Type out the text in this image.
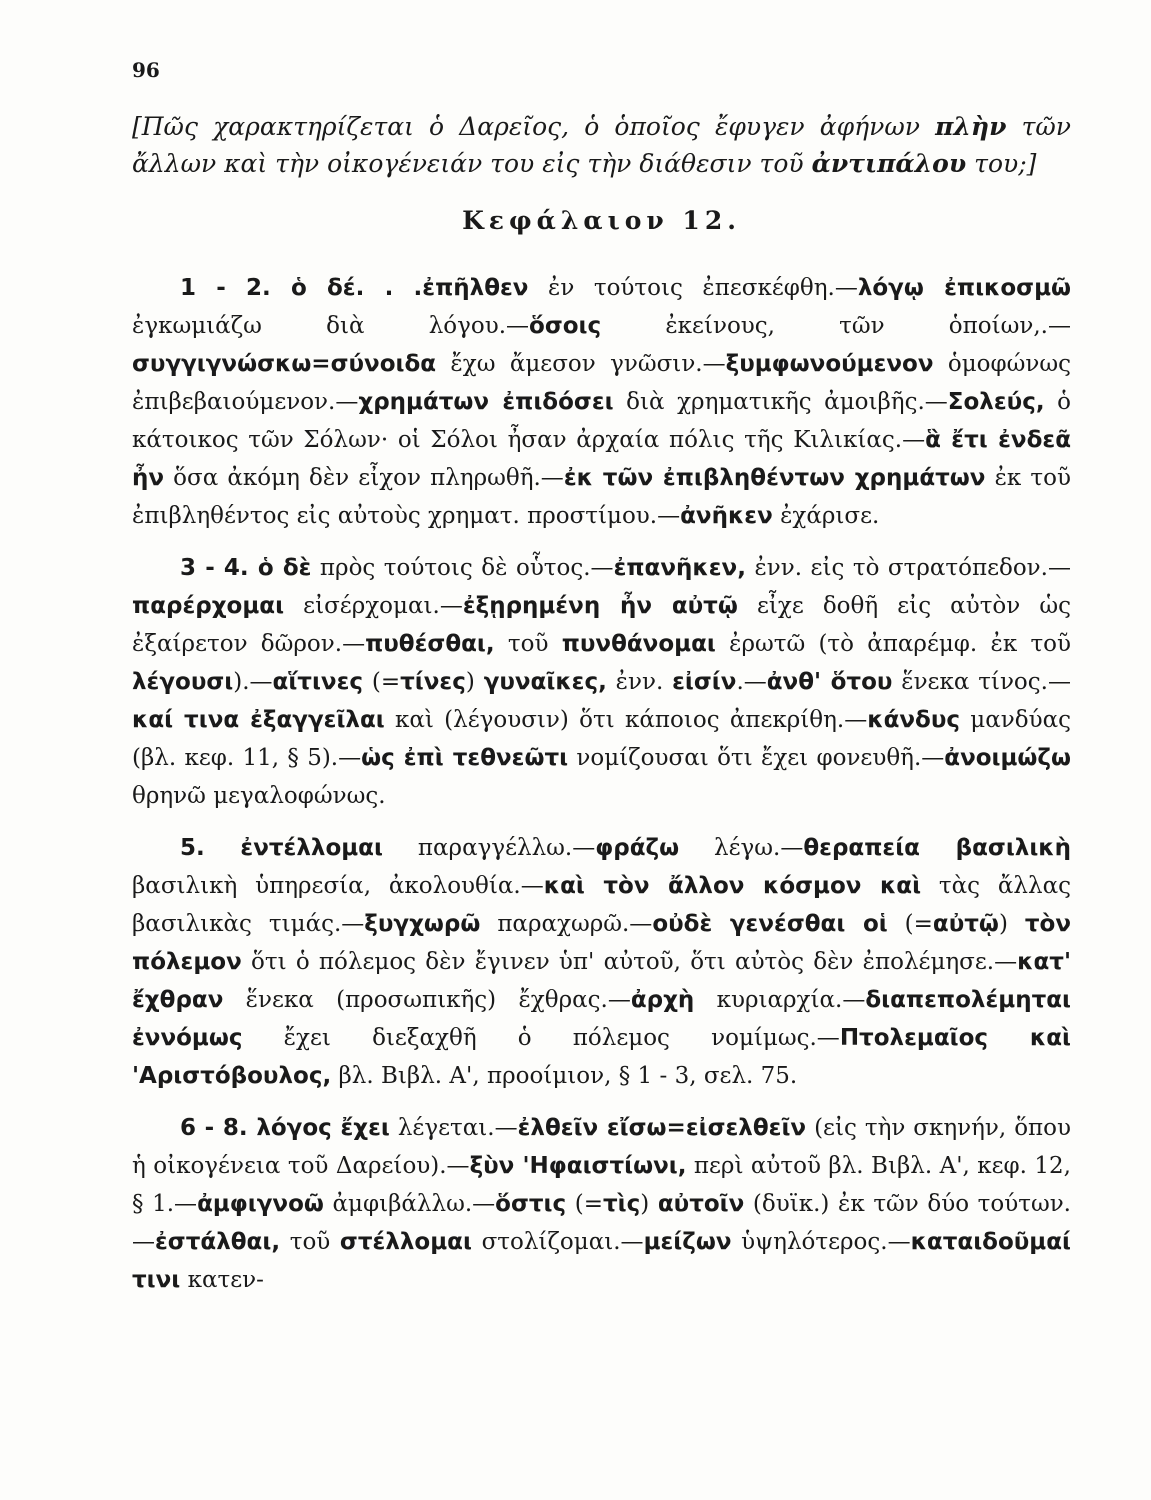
96

[Πῶς χαρακτηρίζεται ὁ Δαρεῖος, ὁ ὁποῖος ἔφυγεν ἀφήνων πλὴν τῶν ἄλλων καὶ τὴν οἰκογένειάν του εἰς τὴν διάθεσιν τοῦ ἀντιπάλου του;]

Κεφάλαιον 12.

1 - 2. ὁ δέ. . .ἐπῆλθεν ἐν τούτοις ἐπεσκέφθη.—λόγῳ ἐπικοσμῶ ἐγκωμιάζω διὰ λόγου.—ὅσοις ἐκείνους, τῶν ὁποίων,.—συγγιγνώσκω=σύνοιδα ἔχω ἄμεσον γνῶσιν.—ξυμφωνούμενον ὁμοφώνως ἐπιβεβαιούμενον.—χρημάτων ἐπιδόσει διὰ χρηματικῆς ἀμοιβῆς.—Σολεύς, ὁ κάτοικος τῶν Σόλων· οἱ Σόλοι ἦσαν ἀρχαία πόλις τῆς Κιλικίας.—ἃ ἔτι ἐνδεᾶ ἦν ὅσα ἀκόμη δὲν εἶχον πληρωθῆ.—ἐκ τῶν ἐπιβληθέντων χρημάτων ἐκ τοῦ ἐπιβληθέντος εἰς αὐτοὺς χρηματ. προστίμου.—ἀνῆκεν ἐχάρισε.

3 - 4. ὁ δὲ πρὸς τούτοις δὲ οὗτος.—ἐπανῆκεν, ἐνν. εἰς τὸ στρατόπεδον.—παρέρχομαι εἰσέρχομαι.—ἐξῃρημένη ἦν αὐτῷ εἶχε δοθῆ εἰς αὐτὸν ὡς ἐξαίρετον δῶρον.—πυθέσθαι, τοῦ πυνθάνομαι ἐρωτῶ (τὸ ἀπαρέμφ. ἐκ τοῦ λέγουσι).—αἵτινες (=τίνες) γυναῖκες, ἐνν. εἰσίν.—ἀνθ' ὅτου ἕνεκα τίνος.—καί τινα ἐξαγγεῖλαι καὶ (λέγουσιν) ὅτι κάποιος ἀπεκρίθη.—κάνδυς μανδύας (βλ. κεφ. 11, § 5).—ὡς ἐπὶ τεθνεῶτι νομίζουσαι ὅτι ἔχει φονευθῆ.—ἀνοιμώζω θρηνῶ μεγαλοφώνως.

5. ἐντέλλομαι παραγγέλλω.—φράζω λέγω.—θεραπεία βασιλικὴ βασιλικὴ ὑπηρεσία, ἀκολουθία.—καὶ τὸν ἄλλον κόσμον καὶ τὰς ἄλλας βασιλικὰς τιμάς.—ξυγχωρῶ παραχωρῶ.—οὐδὲ γενέσθαι οἱ (=αὐτῷ) τὸν πόλεμον ὅτι ὁ πόλεμος δὲν ἔγινεν ὑπ' αὐτοῦ, ὅτι αὐτὸς δὲν ἐπολέμησε.—κατ' ἔχθραν ἕνεκα (προσωπικῆς) ἔχθρας.—ἀρχὴ κυριαρχία.—διαπεπολέμηται ἐννόμως ἔχει διεξαχθῆ ὁ πόλεμος νομίμως.—Πτολεμαῖος καὶ 'Αριστόβουλος, βλ. Βιβλ. Α', προοίμιον, § 1 - 3, σελ. 75.

6 - 8. λόγος ἔχει λέγεται.—ἐλθεῖν εἴσω=εἰσελθεῖν (εἰς τὴν σκηνήν, ὅπου ἡ οἰκογένεια τοῦ Δαρείου).—ξὺν 'Ηφαιστίωνι, περὶ αὐτοῦ βλ. Βιβλ. Α', κεφ. 12, § 1.—ἀμφιγνοῶ ἀμφιβάλλω.—ὅστις (=τὶς) αὐτοῖν (δυϊκ.) ἐκ τῶν δύο τούτων.—ἐστάλθαι, τοῦ στέλλομαι στολίζομαι.—μείζων ὑψηλότερος.—καταιδοῦμαί τινι κατεν-
